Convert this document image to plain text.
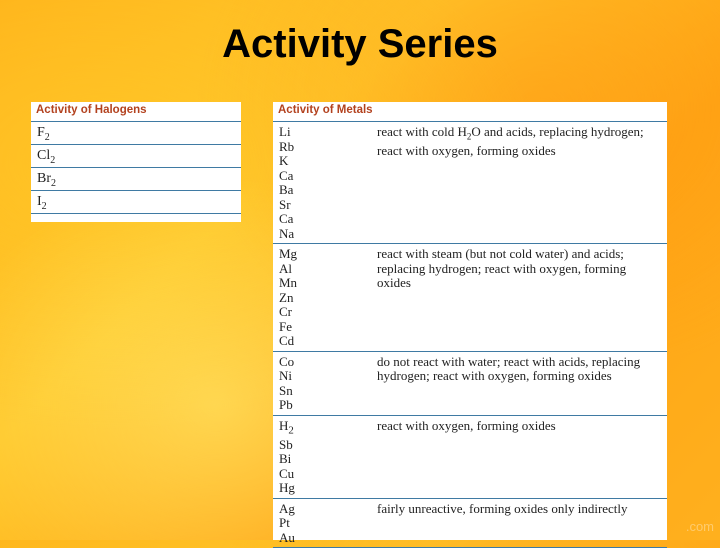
Activity Series
Activity of Halogens
$F_2$
$Cl_2$
$Br_2$
$I_2$
Activity of Metals
Li
Rb
K
Ca
Ba
Sr
Ca
Na
react with cold $H_2O$ and acids, replacing hydrogen; react with oxygen, forming oxides
Mg
Al
Mn
Zn
Cr
Fe
Cd
react with steam (but not cold water) and acids; replacing hydrogen; react with oxygen, forming oxides
Co
Ni
Sn
Pb
do not react with water; react with acids, replacing hydrogen; react with oxygen, forming oxides
$H_2$
Sb
Bi
Cu
Hg
react with oxygen, forming oxides
Ag
Pt
Au
fairly unreactive, forming oxides only indirectly
.com
